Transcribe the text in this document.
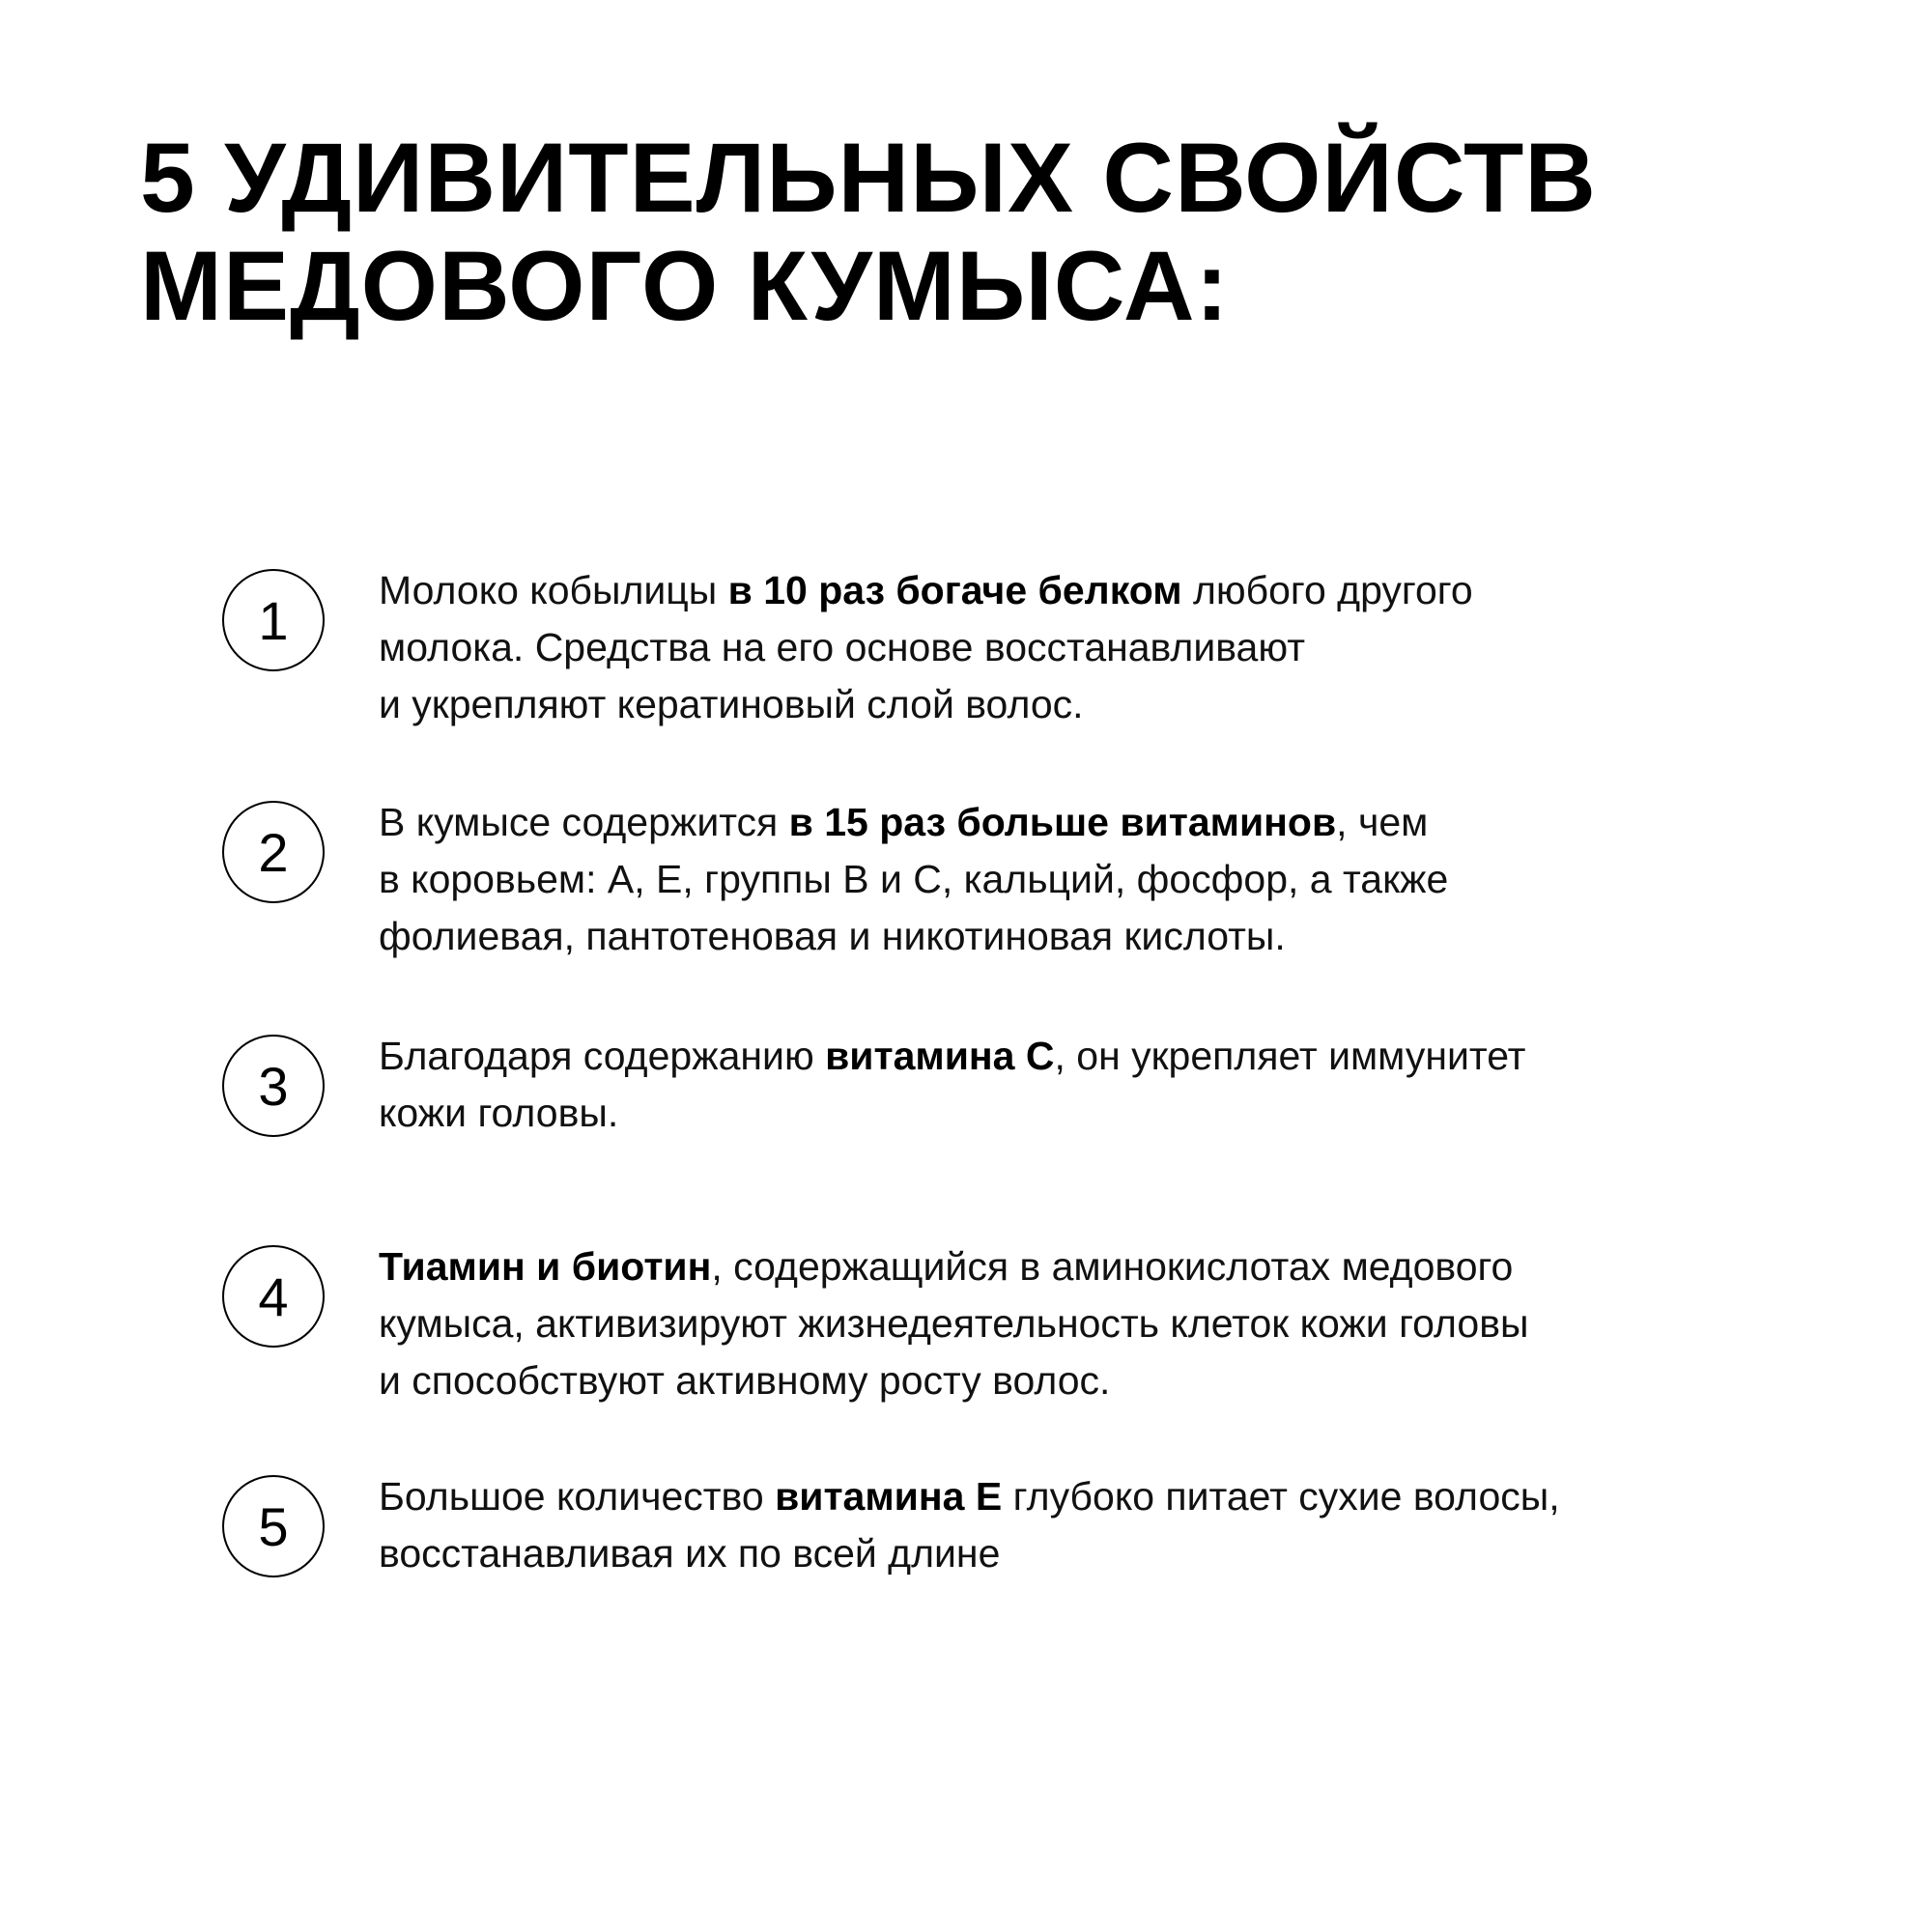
5 УДИВИТЕЛЬНЫХ СВОЙСТВ
МЕДОВОГО КУМЫСА:
1	Молоко кобылицы в 10 раз богаче белком любого другого
молока. Средства на его основе восстанавливают
и укрепляют кератиновый слой волос.

2	В кумысе содержится в 15 раз больше витаминов, чем
в коровьем: А, Е, группы В и С, кальций, фосфор, а также
фолиевая, пантотеновая и никотиновая кислоты.

3	Благодаря содержанию витамина С, он укрепляет иммунитет
кожи головы.

4	Тиамин и биотин, содержащийся в аминокислотах медового
кумыса, активизируют жизнедеятельность клеток кожи головы
и способствуют активному росту волос.

5	Большое количество витамина Е глубоко питает сухие волосы,
восстанавливая их по всей длине
